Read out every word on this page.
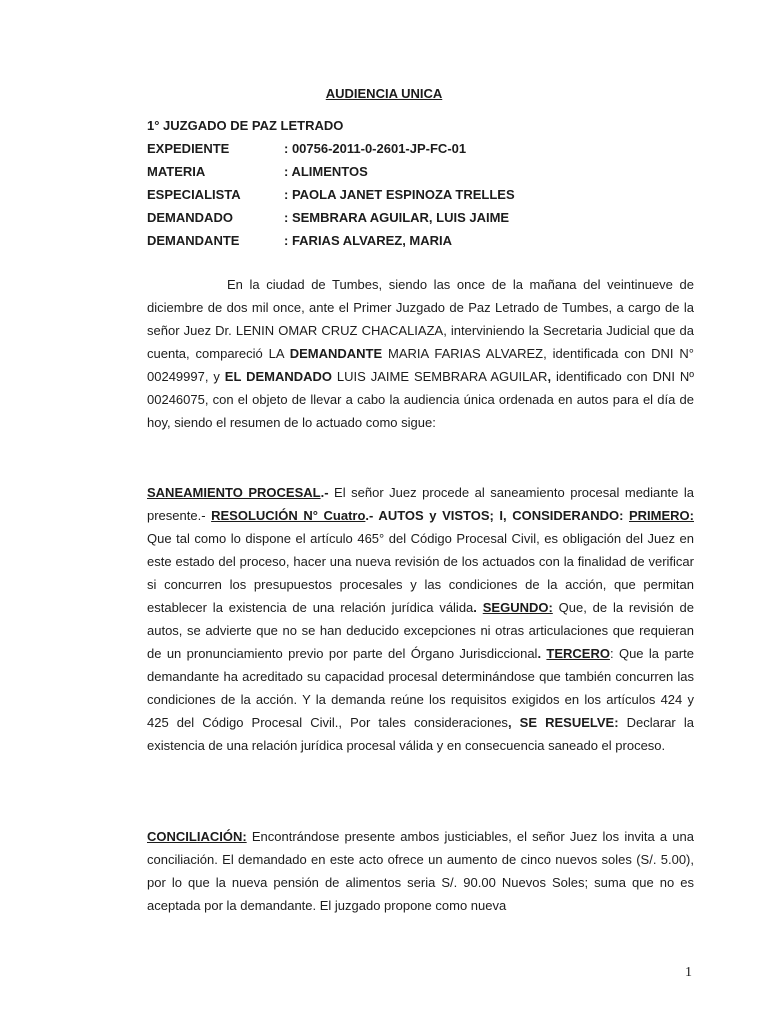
AUDIENCIA UNICA
1° JUZGADO DE PAZ LETRADO
EXPEDIENTE	: 00756-2011-0-2601-JP-FC-01
MATERIA	: ALIMENTOS
ESPECIALISTA	: PAOLA JANET ESPINOZA TRELLES
DEMANDADO	: SEMBRARA AGUILAR, LUIS JAIME
DEMANDANTE	: FARIAS ALVAREZ, MARIA
En la ciudad de Tumbes, siendo las once de la mañana del veintinueve de diciembre de dos mil once, ante el Primer Juzgado de Paz Letrado de Tumbes, a cargo de la señor Juez Dr. LENIN OMAR CRUZ CHACALIAZA, interviniendo la Secretaria Judicial que da cuenta, compareció LA DEMANDANTE MARIA FARIAS ALVAREZ, identificada con DNI N° 00249997, y EL DEMANDADO LUIS JAIME SEMBRARA AGUILAR, identificado con DNI Nº 00246075, con el objeto de llevar a cabo la audiencia única ordenada en autos para el día de hoy, siendo el resumen de lo actuado como sigue:
SANEAMIENTO PROCESAL.- El señor Juez procede al saneamiento procesal mediante la presente.- RESOLUCIÓN N° Cuatro.- AUTOS y VISTOS; I, CONSIDERANDO: PRIMERO: Que tal como lo dispone el artículo 465° del Código Procesal Civil, es obligación del Juez en este estado del proceso, hacer una nueva revisión de los actuados con la finalidad de verificar si concurren los presupuestos procesales y las condiciones de la acción, que permitan establecer la existencia de una relación jurídica válida. SEGUNDO: Que, de la revisión de autos, se advierte que no se han deducido excepciones ni otras articulaciones que requieran de un pronunciamiento previo por parte del Órgano Jurisdiccional. TERCERO: Que la parte demandante ha acreditado su capacidad procesal determinándose que también concurren las condiciones de la acción. Y la demanda reúne los requisitos exigidos en los artículos 424 y 425 del Código Procesal Civil., Por tales consideraciones, SE RESUELVE: Declarar la existencia de una relación jurídica procesal válida y en consecuencia saneado el proceso.
CONCILIACIÓN: Encontrándose presente ambos justiciables, el señor Juez los invita a una conciliación. El demandado en este acto ofrece un aumento de cinco nuevos soles (S/. 5.00), por lo que la nueva pensión de alimentos seria S/. 90.00 Nuevos Soles; suma que no es aceptada por la demandante. El juzgado propone como nueva
1
